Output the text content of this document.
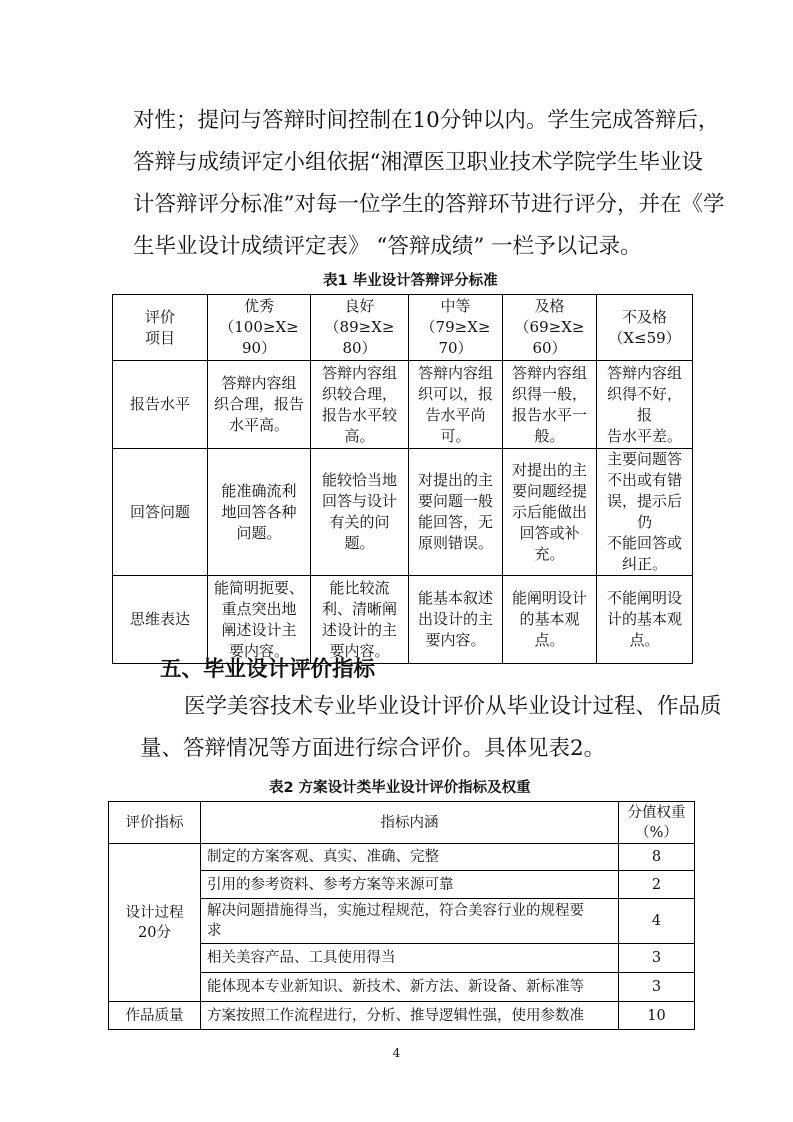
对性；提问与答辩时间控制在10分钟以内。学生完成答辩后，
答辩与成绩评定小组依据“湘潭医卫职业技术学院学生毕业设
计答辩评分标准”对每一位学生的答辩环节进行评分，并在《学
生毕业设计成绩评定表》 “答辩成绩” 一栏予以记录。
表1 毕业设计答辩评分标准
评价
项目	优秀
（100≥X≥
90）	良好
（89≥X≥
80）	中等
（79≥X≥
70）	及格
（69≥X≥
60）	不及格
（X≤59）

报告水平	答辩内容组
织合理，报告
水平高。	答辩内容组
织较合理，
报告水平较
高。	答辩内容组
织可以，报
告水平尚
可。	答辩内容组
织得一般，
报告水平一
般。	答辩内容组
织得不好，报
告水平差。

回答问题	能准确流利
地回答各种
问题。	能较恰当地
回答与设计
有关的问
题。	对提出的主
要问题一般
能回答，无
原则错误。	对提出的主
要问题经提
示后能做出
回答或补
充。	主要问题答
不出或有错
误，提示后仍
不能回答或
纠正。

思维表达	能简明扼要、
重点突出地
阐述设计主
要内容。	能比较流
利、清晰阐
述设计的主
要内容。	能基本叙述
出设计的主
要内容。	能阐明设计
的基本观
点。	不能阐明设
计的基本观
点。
五、毕业设计评价指标
医学美容技术专业毕业设计评价从毕业设计过程、作品质
量、答辩情况等方面进行综合评价。具体见表2。
表2 方案设计类毕业设计评价指标及权重
评价指标	指标内涵	分值权重
（%）

设计过程
20分	制定的方案客观、真实、准确、完整	8

	引用的参考资料、参考方案等来源可靠	2

	解决问题措施得当，实施过程规范，符合美容行业的规程要
求	4

	相关美容产品、工具使用得当	3

	能体现本专业新知识、新技术、新方法、新设备、新标准等	3

作品质量	方案按照工作流程进行，分析、推导逻辑性强，使用参数准	10
4
